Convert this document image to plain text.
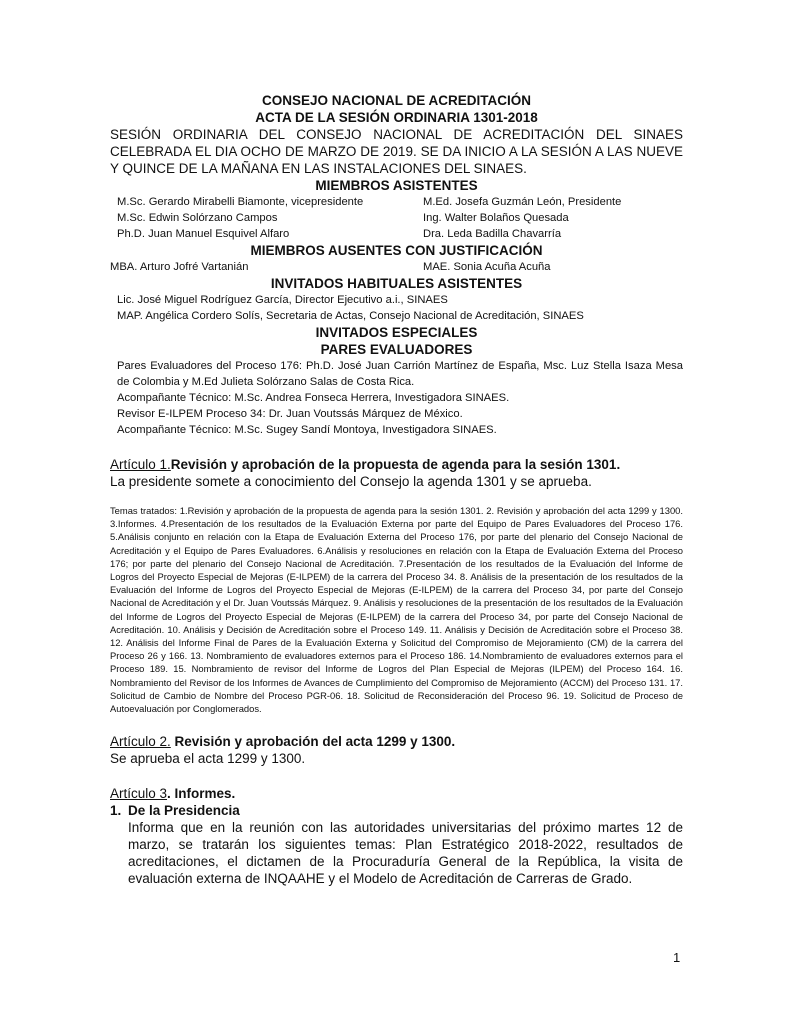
CONSEJO NACIONAL DE ACREDITACIÓN
ACTA DE LA SESIÓN ORDINARIA 1301-2018
SESIÓN ORDINARIA DEL CONSEJO NACIONAL DE ACREDITACIÓN DEL SINAES CELEBRADA EL DIA OCHO DE MARZO DE 2019. SE DA INICIO A LA SESIÓN A LAS NUEVE Y QUINCE DE LA MAÑANA EN LAS INSTALACIONES DEL SINAES.
MIEMBROS ASISTENTES
M.Sc. Gerardo Mirabelli Biamonte, vicepresidente	M.Ed. Josefa Guzmán León, Presidente
M.Sc. Edwin Solórzano Campos	Ing. Walter Bolaños Quesada
Ph.D. Juan Manuel Esquivel Alfaro	Dra. Leda Badilla Chavarría
MIEMBROS AUSENTES CON JUSTIFICACIÓN
MBA. Arturo Jofré Vartanián	MAE. Sonia Acuña Acuña
INVITADOS HABITUALES ASISTENTES
Lic. José Miguel Rodríguez García, Director Ejecutivo a.i., SINAES
MAP. Angélica Cordero Solís, Secretaria de Actas, Consejo Nacional de Acreditación, SINAES
INVITADOS ESPECIALES
PARES EVALUADORES
Pares Evaluadores del Proceso 176: Ph.D. José Juan Carrión Martínez de España, Msc. Luz Stella Isaza Mesa de Colombia y M.Ed Julieta Solórzano Salas de Costa Rica.
Acompañante Técnico: M.Sc. Andrea Fonseca Herrera, Investigadora SINAES.
Revisor E-ILPEM Proceso 34: Dr. Juan Voutssás Márquez de México.
Acompañante Técnico: M.Sc. Sugey Sandí Montoya, Investigadora SINAES.
Artículo 1.Revisión y aprobación de la propuesta de agenda para la sesión 1301.
La presidente somete a conocimiento del Consejo la agenda 1301 y se aprueba.
Temas tratados: 1.Revisión y aprobación de la propuesta de agenda para la sesión 1301. 2. Revisión y aprobación del acta 1299 y 1300. 3.Informes. 4.Presentación de los resultados de la Evaluación Externa por parte del Equipo de Pares Evaluadores del Proceso 176. 5.Análisis conjunto en relación con la Etapa de Evaluación Externa del Proceso 176, por parte del plenario del Consejo Nacional de Acreditación y el Equipo de Pares Evaluadores. 6.Análisis y resoluciones en relación con la Etapa de Evaluación Externa del Proceso 176; por parte del plenario del Consejo Nacional de Acreditación. 7.Presentación de los resultados de la Evaluación del Informe de Logros del Proyecto Especial de Mejoras (E-ILPEM) de la carrera del Proceso 34. 8. Análisis de la presentación de los resultados de la Evaluación del Informe de Logros del Proyecto Especial de Mejoras (E-ILPEM) de la carrera del Proceso 34, por parte del Consejo Nacional de Acreditación y el Dr. Juan Voutssás Márquez. 9. Análisis y resoluciones de la presentación de los resultados de la Evaluación del Informe de Logros del Proyecto Especial de Mejoras (E-ILPEM) de la carrera del Proceso 34, por parte del Consejo Nacional de Acreditación. 10. Análisis y Decisión de Acreditación sobre el Proceso 149. 11. Análisis y Decisión de Acreditación sobre el Proceso 38. 12. Análisis del Informe Final de Pares de la Evaluación Externa y Solicitud del Compromiso de Mejoramiento (CM) de la carrera del Proceso 26 y 166. 13. Nombramiento de evaluadores externos para el Proceso 186. 14.Nombramiento de evaluadores externos para el Proceso 189. 15. Nombramiento de revisor del Informe de Logros del Plan Especial de Mejoras (ILPEM) del Proceso 164. 16. Nombramiento del Revisor de los Informes de Avances de Cumplimiento del Compromiso de Mejoramiento (ACCM) del Proceso 131. 17. Solicitud de Cambio de Nombre del Proceso PGR-06. 18. Solicitud de Reconsideración del Proceso 96. 19. Solicitud de Proceso de Autoevaluación por Conglomerados.
Artículo 2. Revisión y aprobación del acta 1299 y 1300.
Se aprueba el acta 1299 y 1300.
Artículo 3. Informes.
1. De la Presidencia
Informa que en la reunión con las autoridades universitarias del próximo martes 12 de marzo, se tratarán los siguientes temas: Plan Estratégico 2018-2022, resultados de acreditaciones, el dictamen de la Procuraduría General de la República, la visita de evaluación externa de INQAAHE y el Modelo de Acreditación de Carreras de Grado.
1
